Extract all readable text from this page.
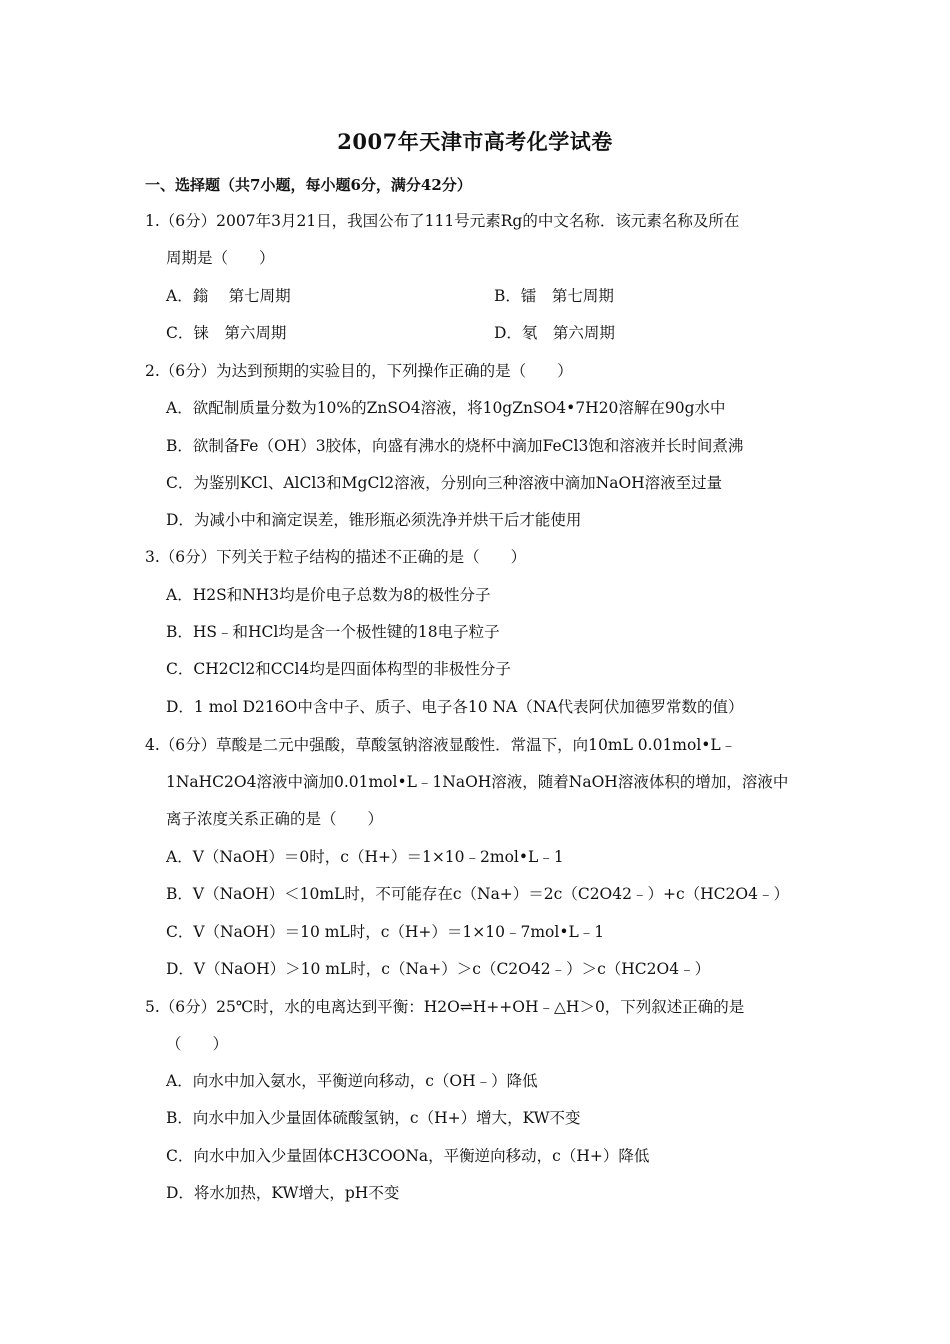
2007年天津市高考化学试卷
一、选择题（共7小题，每小题6分，满分42分）
1.（6分）2007年3月21日，我国公布了111号元素Rg的中文名称．该元素名称及所在
周期是（　　）
A．鎓　 第七周期	B．镭　第七周期
C．铼　第六周期	D．氡　第六周期
2.（6分）为达到预期的实验目的，下列操作正确的是（　　）
A．欲配制质量分数为10%的ZnSO4溶液，将10gZnSO4•7H20溶解在90g水中
B．欲制备Fe（OH）3胶体，向盛有沸水的烧杯中滴加FeCl3饱和溶液并长时间煮沸
C．为鉴别KCl、AlCl3和MgCl2溶液，分别向三种溶液中滴加NaOH溶液至过量
D．为减小中和滴定误差，锥形瓶必须洗净并烘干后才能使用
3.（6分）下列关于粒子结构的描述不正确的是（　　）
A．H2S和NH3均是价电子总数为8的极性分子
B．HS﹣和HCl均是含一个极性键的18电子粒子
C．CH2Cl2和CCl4均是四面体构型的非极性分子
D．1 mol D216O中含中子、质子、电子各10 NA（NA代表阿伏加德罗常数的值）
4.（6分）草酸是二元中强酸，草酸氢钠溶液显酸性．常温下，向10mL 0.01mol•L﹣
1NaHC2O4溶液中滴加0.01mol•L﹣1NaOH溶液，随着NaOH溶液体积的增加，溶液中
离子浓度关系正确的是（　　）
A．V（NaOH）＝0时，c（H+）＝1×10﹣2mol•L﹣1
B．V（NaOH）＜10mL时，不可能存在c（Na+）＝2c（C2O42﹣）+c（HC2O4﹣）
C．V（NaOH）＝10 mL时，c（H+）＝1×10﹣7mol•L﹣1
D．V（NaOH）＞10 mL时，c（Na+）＞c（C2O42﹣）＞c（HC2O4﹣）
5.（6分）25℃时，水的电离达到平衡：H2O⇌H++OH﹣△H＞0，下列叙述正确的是
（　　）
A．向水中加入氨水，平衡逆向移动，c（OH﹣）降低
B．向水中加入少量固体硫酸氢钠，c（H+）增大，KW不变
C．向水中加入少量固体CH3COONa，平衡逆向移动，c（H+）降低
D．将水加热，KW增大，pH不变
